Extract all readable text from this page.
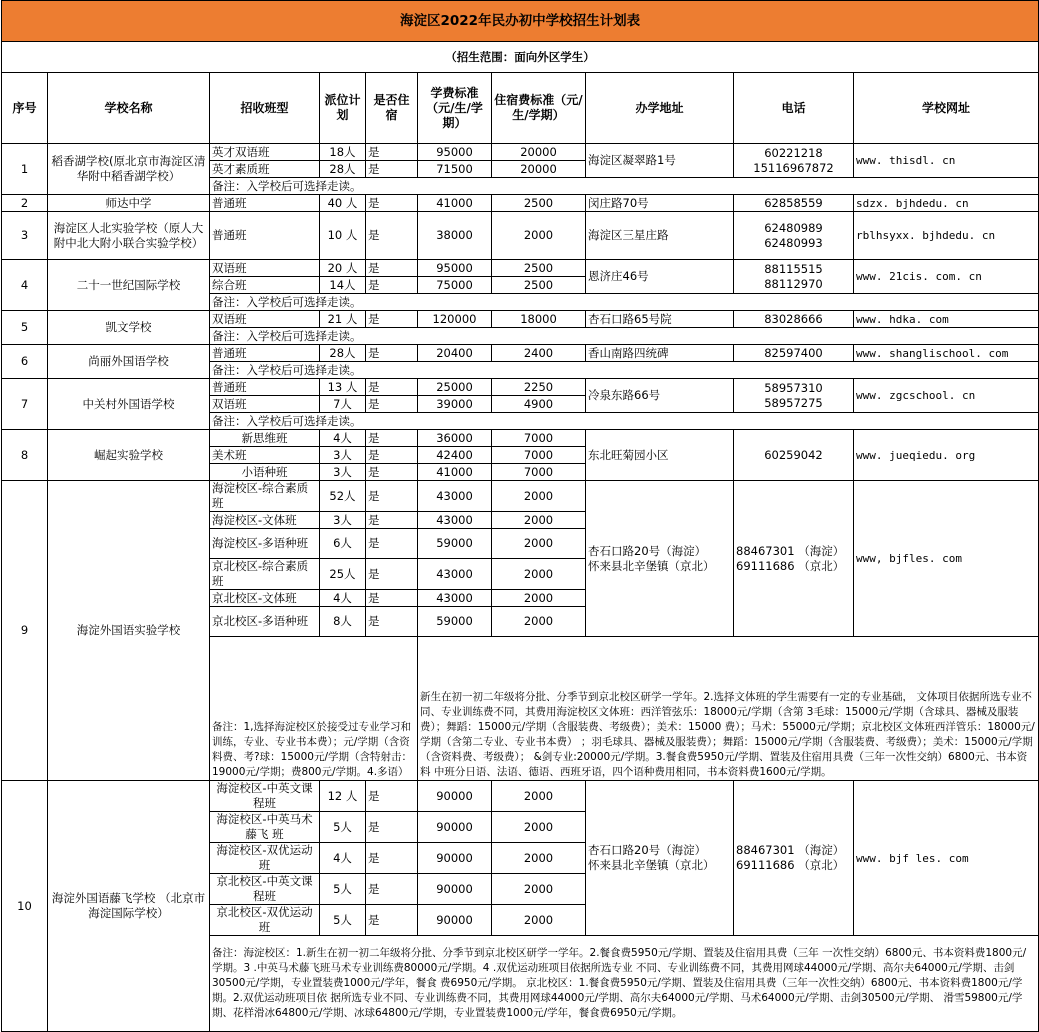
海淀区2022年民办初中学校招生计划表									
（招生范围：面向外区学生）									
序号	学校名称	招收班型	派位计划	是否住宿	学费标准（元/生/学期）	住宿费标准（元/生/学期）	办学地址	电话	学校网址
1	稻香湖学校(原北京市海淀区清华附中稻香湖学校）	英才双语班	18人	是	95000	20000	海淀区凝翠路1号	60221218
15116967872	www. thisdl. cn
		英才素质班	28人	是	71500	20000			
		备注：入学校后可选择走读。							
2	师达中学	普通班	40 人	是	41000	2500	闵庄路70号	62858559	sdzx. bjhdedu. cn
3	海淀区人北实验学校（原人大附中北大附小联合实验学校）	普通班	10 人	是	38000	2000	海淀区三星庄路	62480989
62480993	rblhsyxx. bjhdedu. cn
4	二十一世纪国际学校	双语班	20 人	是	95000	2500	恩济庄46号	88115515
88112970	www. 21cis. com. cn
		综合班	14人	是	75000	2500			
		备注：入学校后可选择走读。							
5	凯文学校	双语班	21 人	是	120000	18000	杏石口路65号院	83028666	www. hdka. com
		备注：入学校后可选择走读。							
6	尚丽外国语学校	普通班	28人	是	20400	2400	香山南路四统碑	82597400	www. shanglischool. com
		备注：入学校后可选择走读。							
7	中关村外国语学校	普通班	13 人	是	25000	2250	冷泉东路66号	58957310
58957275	www. zgcschool. cn
		双语班	7人	是	39000	4900			
		备注：入学校后可选择走读。							
8	崛起实验学校	新思维班	4人	是	36000	7000	东北旺菊园小区	60259042	www. jueqiedu. org
		美术班	3人	是	42400	7000			
		小语种班	3人	是	41000	7000			
9	海淀外国语实验学校	海淀校区-综合素质班	52人	是	43000	2000	杏石口路20号（海淀）
怀来县北辛堡镇（京北）	88467301 （海淀）
69111686 （京北）	www, bjfles. com
		海淀校区-文体班	3人	是	43000	2000			
		海淀校区-多语种班	6人	是	59000	2000			
		京北校区-综合素质班	25人	是	43000	2000			
		京北校区-文体班	4人	是	43000	2000			
		京北校区-多语种班	8人	是	59000	2000			
		备注：1,选择海淀校区於接受过专业学习和训练，专业、专业书本费）；元/学期（含资料费、考?球：15000元/学期（含特射击：19000元/学期；费800元/学期。4.多语）			新生在初一初二年级将分批、分季节到京北校区研学一学年。2.选择文体班的学生需要有一定的专业基础， 文体项目依据所选专业不同、专业训练费不同，其费用海淀校区文体班：西洋管弦乐：18000元/学期（含第 3毛球：15000元/学期（含球具、器械及服装费）；舞蹈：15000元/学期（含服装费、考级费）；美术：15000 费）；马术：55000元/学期；京北校区文体班西洋管乐：18000元/学期（含第二专业、专业书本费） ；羽毛球具、器械及服装费）；舞蹈：15000元/学期（含服装费、考级费）；美术：15000元/学期（含资料费、考级费）； &剑专业:20000元/学期。3.餐食费5950元/学期、置装及住宿用具费（三年一次性交纳）6800元、书本资料 中班分日语、法语、德语、西班牙语，四个语种费用相同，书本资料费1600元/学期。				
10	海淀外国语藤飞学校 （北京市海淀国际学校）	海淀校区-中英文课程班	12 人	是	90000	2000	杏石口路20号（海淀）
怀来县北辛堡镇（京北）	88467301 （海淀）
69111686 （京北）	www. bjf les. com
		海淀校区-中英马术藤飞 班	5人	是	90000	2000			
		海淀校区-双优运动班	4人	是	90000	2000			
		京北校区-中英文课程班	5人	是	90000	2000			
		京北校区-双优运动班	5人	是	90000	2000			
		备注：海淀校区：1.新生在初一初二年级将分批、分季节到京北校区研学一学年。2.餐食费5950元/学期、置装及住宿用具费（三年 一次性交纳）6800元、书本资料费1800元/学期。3 .中英马术藤飞班马术专业训练费80000元/学期。4 .双优运动班项目依据所选专业 不同、专业训练费不同，其费用网球44000元/学期、高尔夫64000元/学期、击剑30500元/学期，专业置装费1000元/学年，餐食 费6950元/学期。 京北校区：1.餐食费5950元/学期、置装及住宿用具费（三年一次性交纳）6800元、书本资料费1800元/学期。2.双优运动班项目依 据所选专业不同、专业训练费不同，其费用网球44000元/学期、高尔夫64000元/学期、马术64000元/学期、击剑30500元/学期、 滑雪59800元/学期、花样滑冰64800元/学期、冰球64800元/学期，专业置装费1000元/学年，餐食费6950元/学期。							
